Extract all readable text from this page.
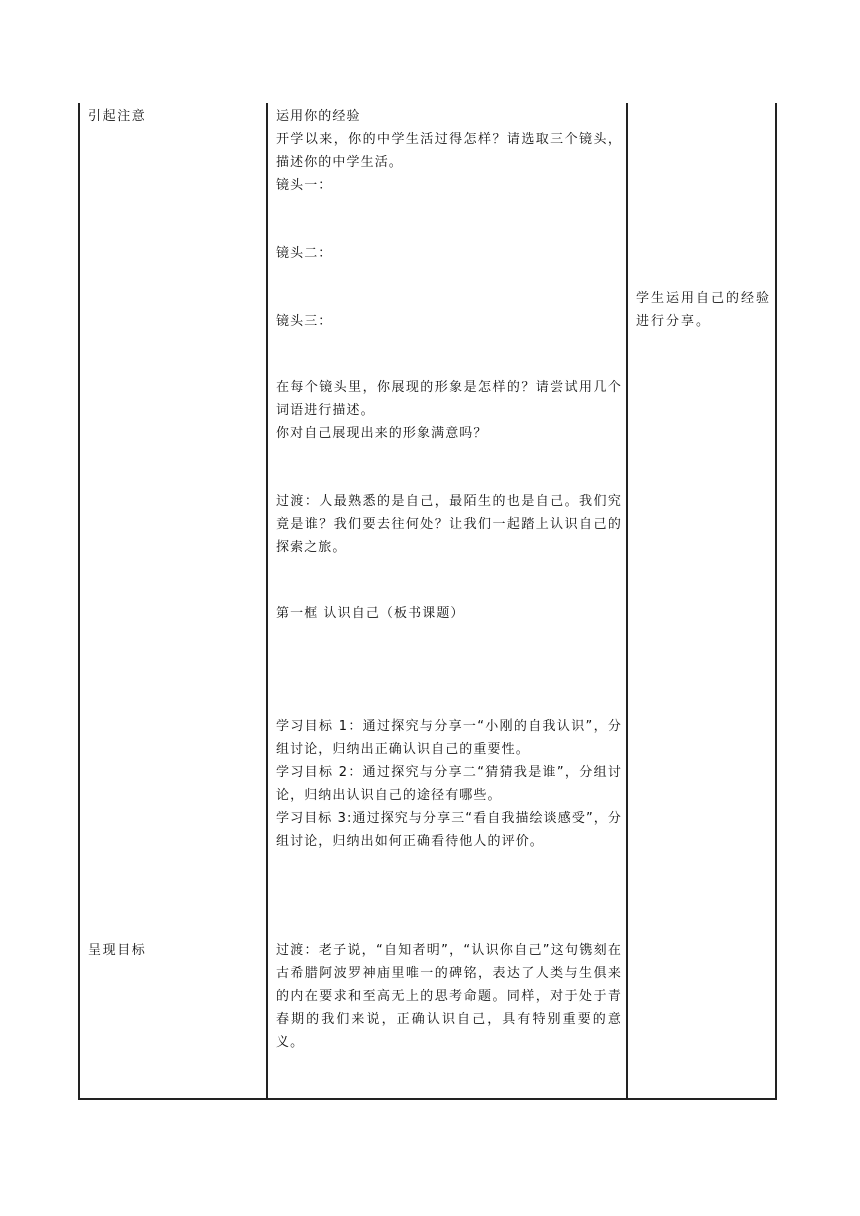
引起注意
呈现目标
运用你的经验
开学以来，你的中学生活过得怎样？请选取三个镜头，描述你的中学生活。
镜头一：
镜头二：
镜头三：
在每个镜头里，你展现的形象是怎样的？请尝试用几个词语进行描述。
你对自己展现出来的形象满意吗？
过渡：人最熟悉的是自己，最陌生的也是自己。我们究竟是谁？我们要去往何处？让我们一起踏上认识自己的探索之旅。
第一框 认识自己（板书课题）
学习目标 1：通过探究与分享一“小刚的自我认识”，分组讨论，归纳出正确认识自己的重要性。
学习目标 2：通过探究与分享二“猜猜我是谁”，分组讨论，归纳出认识自己的途径有哪些。
学习目标 3:通过探究与分享三“看自我描绘谈感受”，分组讨论，归纳出如何正确看待他人的评价。
过渡：老子说，“自知者明”，“认识你自己”这句镌刻在古希腊阿波罗神庙里唯一的碑铭，表达了人类与生俱来的内在要求和至高无上的思考命题。同样，对于处于青春期的我们来说，正确认识自己，具有特别重要的意义。
学生运用自己的经验进行分享。
